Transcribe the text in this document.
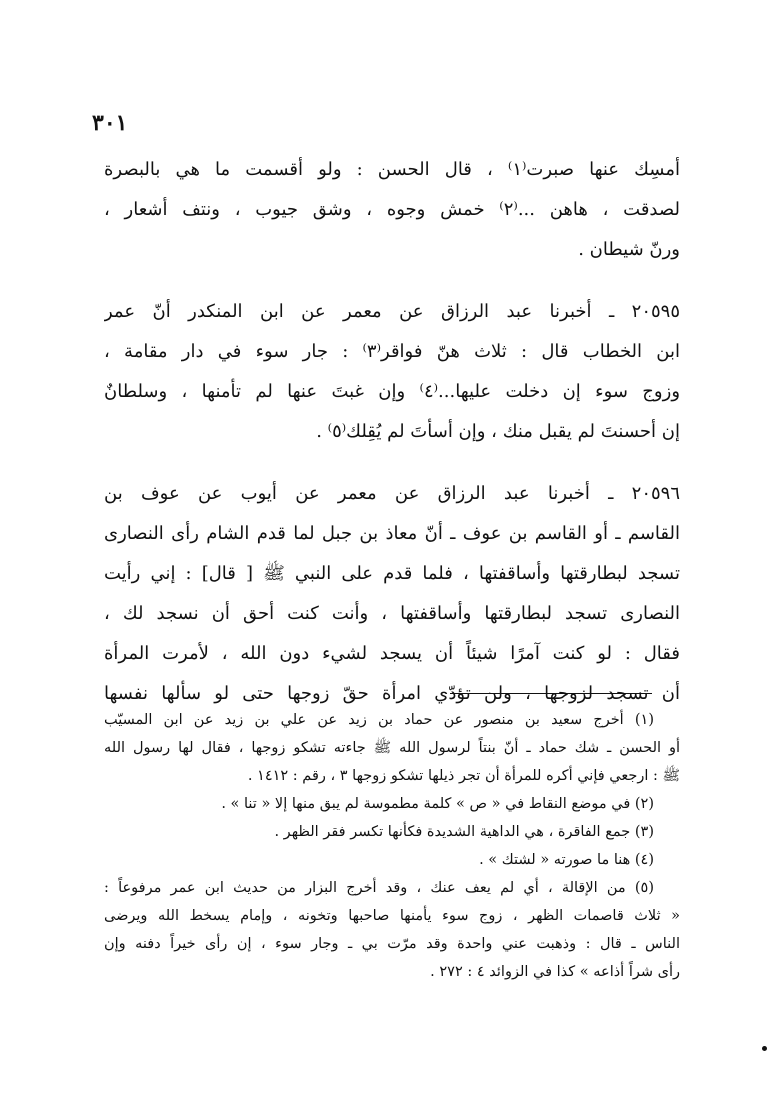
٣٠١
أمسِك عنها صبرت⁽١⁾ ، قال الحسن : ولو أقسمت ما هي بالبصرة
لصدقت ، هاهن ...⁽٢⁾ خمش وجوه ، وشق جيوب ، ونتف أشعار ،
ورنّ شيطان .
٢٠٥٩٥ ـ أخبرنا عبد الرزاق عن معمر عن ابن المنكدر أنّ عمر
ابن الخطاب قال : ثلاث هنّ فواقر⁽٣⁾ : جار سوء في دار مقامة ،
وزوج سوء إن دخلت عليها...⁽٤⁾ وإن غبتَ عنها لم تأمنها ، وسلطانٌ
إن أحسنتَ لم يقبل منك ، وإن أسأتَ لم يُقِلك⁽٥⁾ .
٢٠٥٩٦ ـ أخبرنا عبد الرزاق عن معمر عن أيوب عن عوف بن
القاسم ـ أو القاسم بن عوف ـ أنّ معاذ بن جبل لما قدم الشام رأى النصارى
تسجد لبطارقتها وأساقفتها ، فلما قدم على النبي ﷺ [ قال] : إني رأيت
النصارى تسجد لبطارقتها وأساقفتها ، وأنت كنت أحق أن نسجد لك ،
فقال : لو كنت آمرًا شيئاً أن يسجد لشيء دون الله ، لأمرت المرأة
أن تسجد لزوجها ، ولن تؤدّي امرأة حقّ زوجها حتى لو سألها نفسها
(١) أخرج سعيد بن منصور عن حماد بن زيد عن علي بن زيد عن ابن المسيّب
أو الحسن ـ شك حماد ـ أنّ بنتاً لرسول الله ﷺ جاءته تشكو زوجها ، فقال لها رسول الله
ﷺ : ارجعي فإني أكره للمرأة أن تجر ذيلها تشكو زوجها ٣ ، رقم : ١٤١٢ .
(٢) في موضع النقاط في « ص » كلمة مطموسة لم يبق منها إلا « تنا » .
(٣) جمع الفاقرة ، هي الداهية الشديدة فكأنها تكسر فقر الظهر .
(٤) هنا ما صورته « لشتك » .
(٥) من الإقالة ، أي لم يعف عنك ، وقد أخرج البزار من حديث ابن عمر مرفوعاً :
« ثلاث قاصمات الظهر ، زوج سوء يأمنها صاحبها وتخونه ، وإمام يسخط الله ويرضى
الناس ـ قال : وذهبت عني واحدة وقد مرّت بي ـ وجار سوء ، إن رأى خيراً دفنه وإن
رأى شراً أذاعه » كذا في الزوائد ٤ : ٢٧٢ .
